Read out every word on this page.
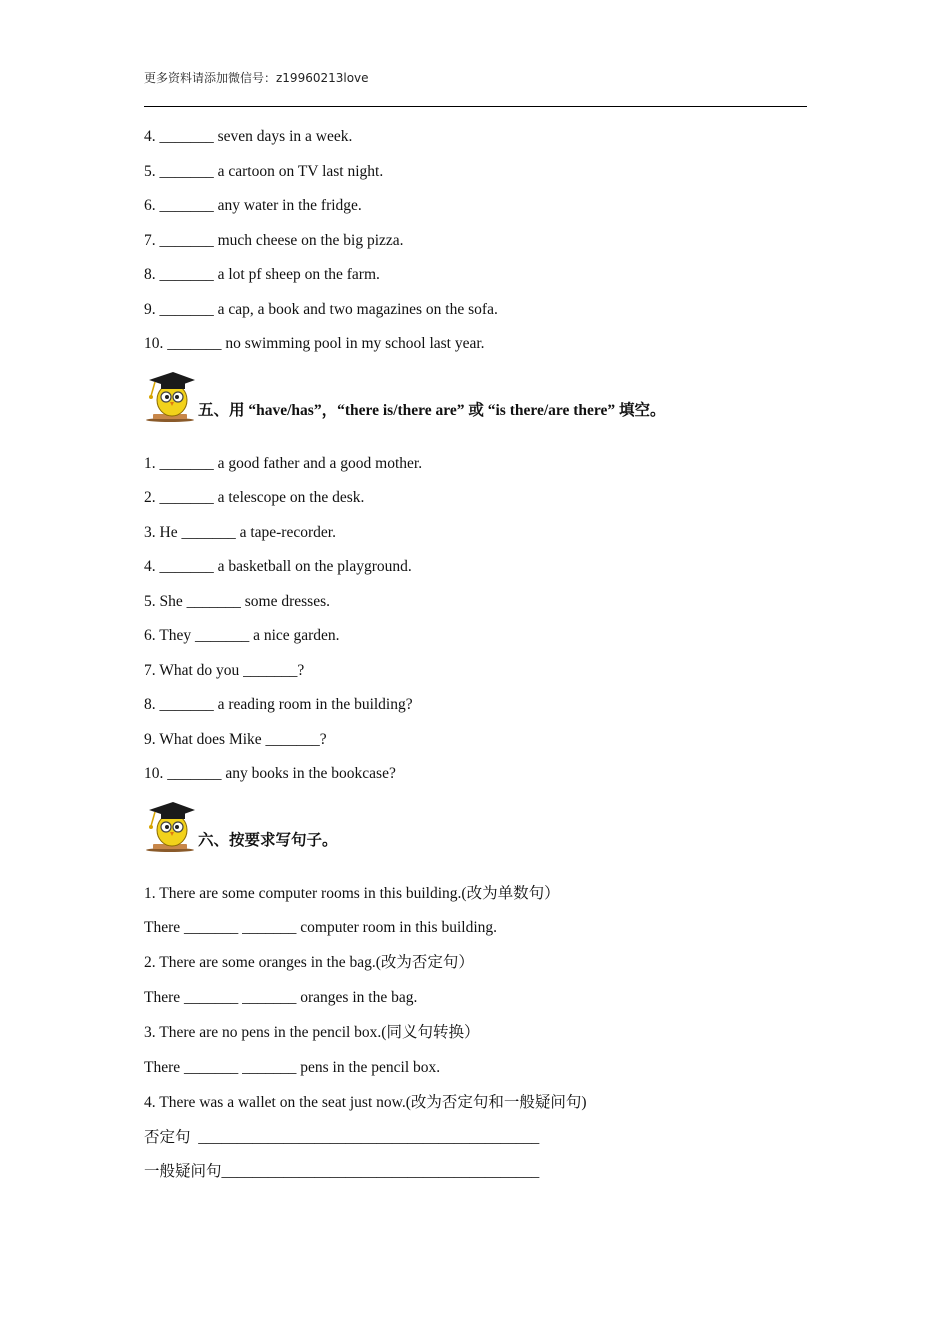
更多资料请添加微信号：z19960213love
4. _______ seven days in a week.
5. _______ a cartoon on TV last night.
6. _______ any water in the fridge.
7. _______ much cheese on the big pizza.
8. _______ a lot pf sheep on the farm.
9. _______ a cap, a book and two magazines on the sofa.
10. _______ no swimming pool in my school last year.
五、用 “have/has”，“there is/there are” 或 “is there/are there” 填空。
1. _______ a good father and a good mother.
2. _______ a telescope on the desk.
3. He _______ a tape-recorder.
4. _______ a basketball on the playground.
5. She _______ some dresses.
6. They _______ a nice garden.
7. What do you _______?
8. _______ a reading room in the building?
9. What does Mike _______?
10. _______ any books in the bookcase?
六、按要求写句子。
1. There are some computer rooms in this building.(改为单数句）
There _______ _______ computer room in this building.
2. There are some oranges in the bag.(改为否定句）
There _______ _______ oranges in the bag.
3. There are no pens in the pencil box.(同义句转换）
There _______ _______ pens in the pencil box.
4. There was a wallet on the seat just now.(改为否定句和一般疑问句)
否定句  ____________________________________________
一般疑问句_________________________________________
